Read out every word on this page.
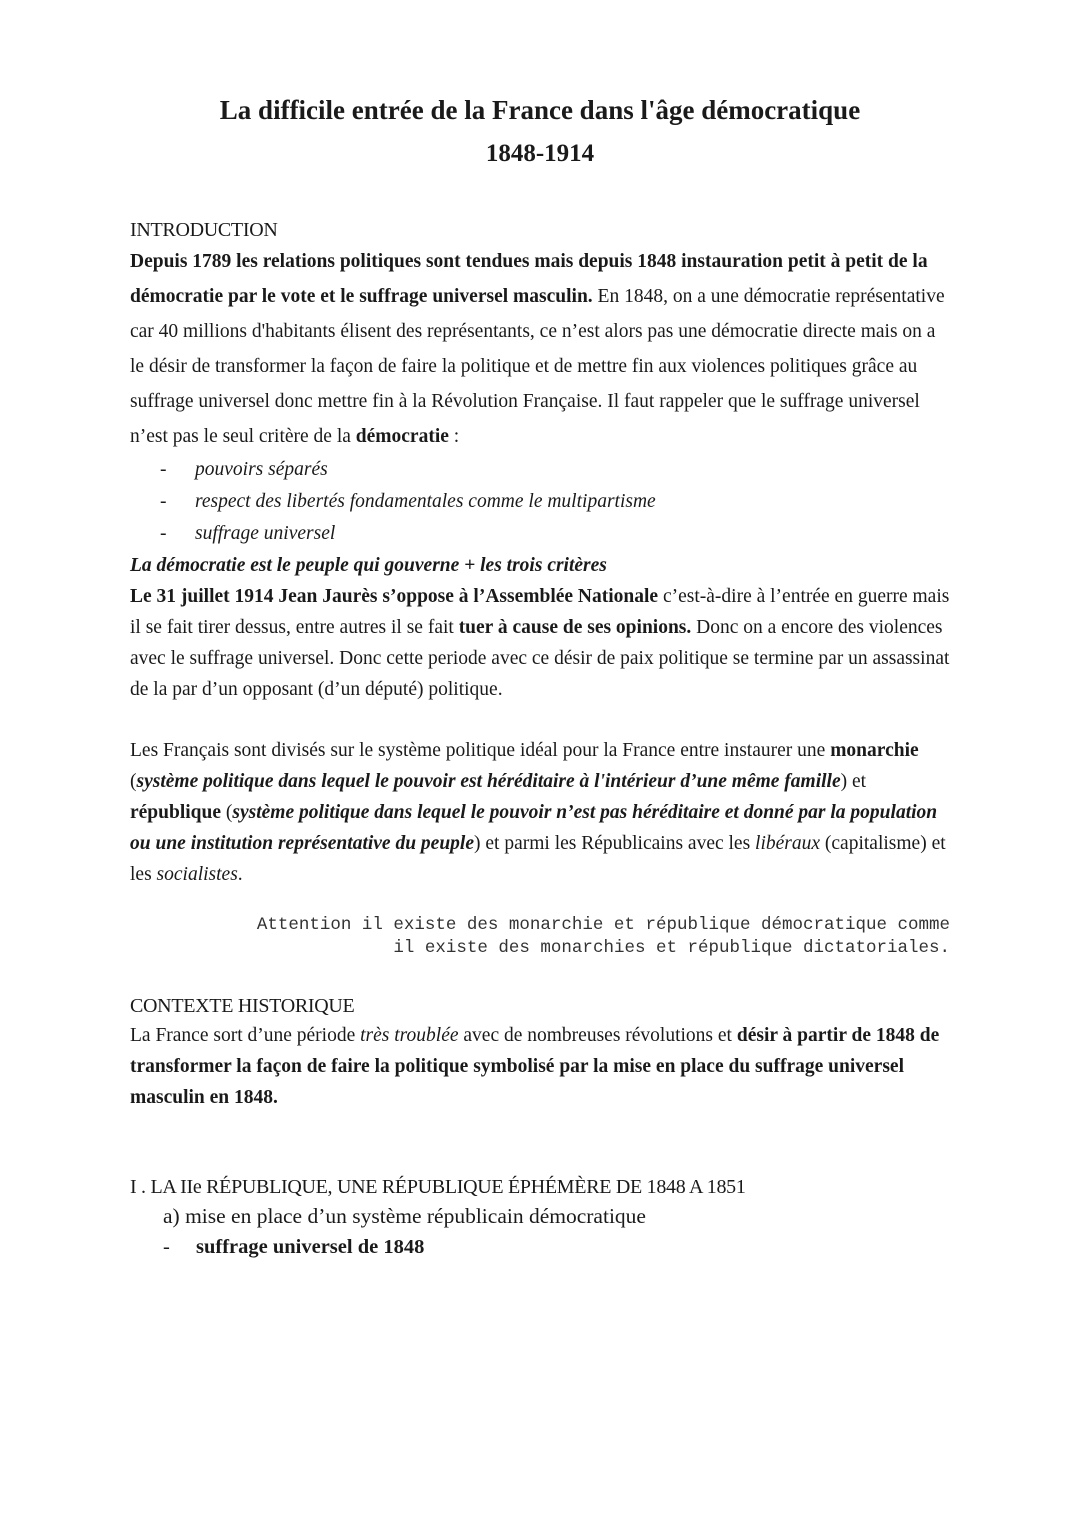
La difficile entrée de la France dans l'âge démocratique
1848-1914

INTRODUCTION

Depuis 1789 les relations politiques sont tendues mais depuis 1848 instauration petit à petit de la démocratie par le vote et le suffrage universel masculin. En 1848, on a une démocratie représentative car 40 millions d'habitants élisent des représentants, ce n’est alors pas une démocratie directe mais on a le désir de transformer la façon de faire la politique et de mettre fin aux violences politiques grâce au suffrage universel donc mettre fin à la Révolution Française. Il faut rappeler que le suffrage universel n’est pas le seul critère de la démocratie :

- pouvoirs séparés
- respect des libertés fondamentales comme le multipartisme
- suffrage universel

La démocratie est le peuple qui gouverne + les trois critères

Le 31 juillet 1914 Jean Jaurès s’oppose à l’Assemblée Nationale c’est-à-dire à l’entrée en guerre mais il se fait tirer dessus, entre autres il se fait tuer à cause de ses opinions. Donc on a encore des violences avec le suffrage universel. Donc cette periode avec ce désir de paix politique se termine par un assassinat de la par d’un opposant (d’un député) politique.

Les Français sont divisés sur le système politique idéal pour la France entre instaurer une monarchie (système politique dans lequel le pouvoir est héréditaire à l'intérieur d’une même famille) et république (système politique dans lequel le pouvoir n’est pas héréditaire et donné par la population ou une institution représentative du peuple) et parmi les Républicains avec les libéraux (capitalisme) et les socialistes.

Attention il existe des monarchie et république démocratique comme

il existe des monarchies et république dictatoriales.

CONTEXTE HISTORIQUE

La France sort d’une période très troublée avec de nombreuses révolutions et désir à partir de 1848 de transformer la façon de faire la politique symbolisé par la mise en place du suffrage universel masculin en 1848.

I . LA IIe RÉPUBLIQUE, UNE RÉPUBLIQUE ÉPHÉMÈRE DE 1848 A 1851

a) mise en place d’un système républicain démocratique

- suffrage universel de 1848
